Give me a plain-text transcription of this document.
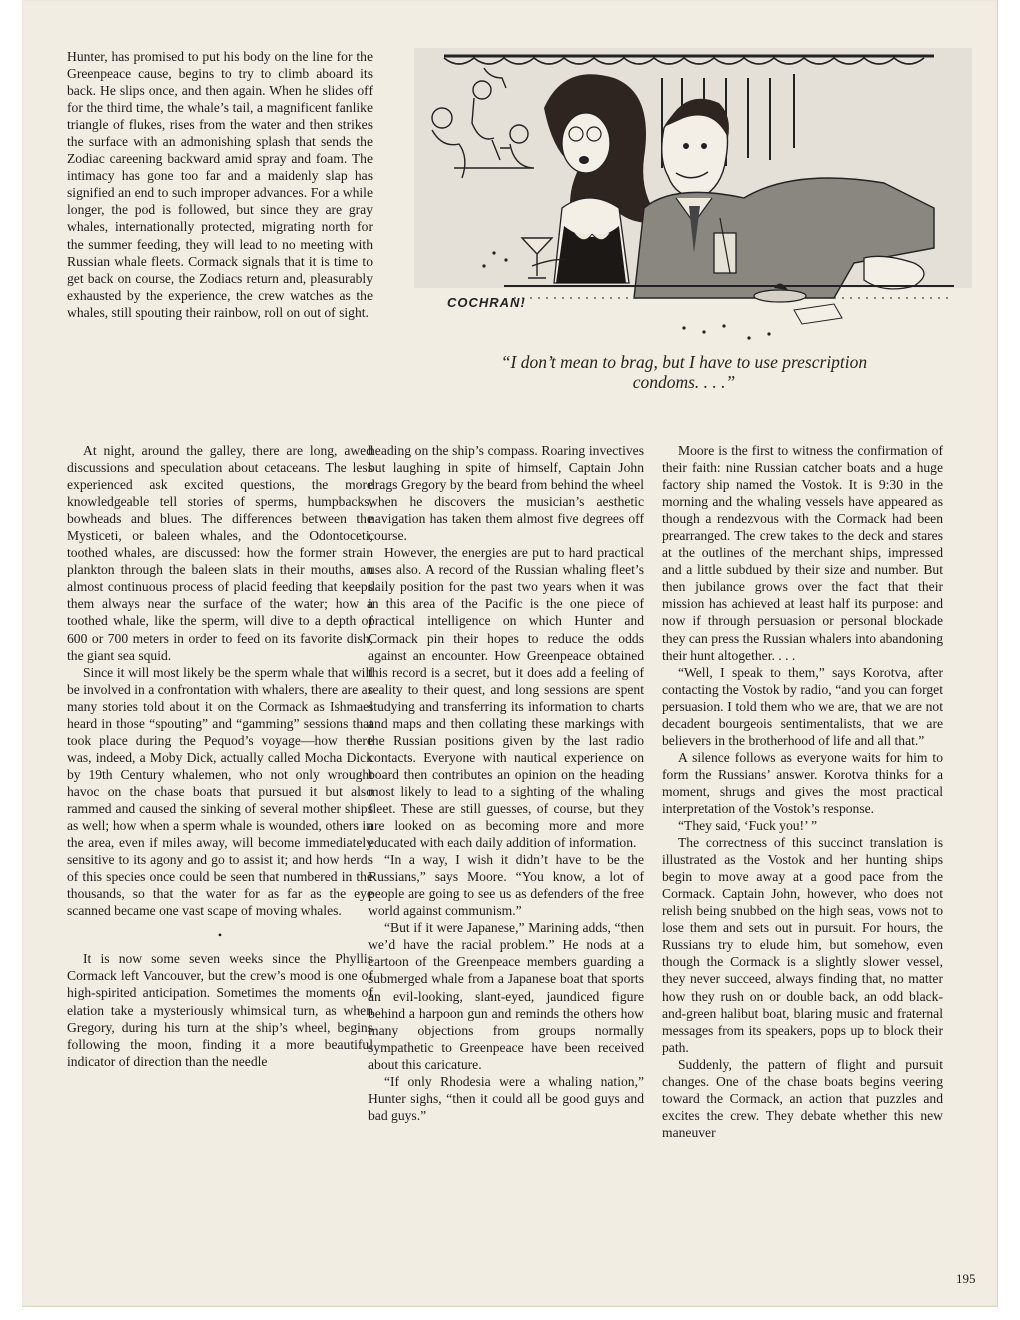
Hunter, has promised to put his body on the line for the Greenpeace cause, begins to try to climb aboard its back. He slips once, and then again. When he slides off for the third time, the whale’s tail, a magnificent fanlike triangle of flukes, rises from the water and then strikes the surface with an admonishing splash that sends the Zodiac careening backward amid spray and foam. The intimacy has gone too far and a maidenly slap has signified an end to such improper advances. For a while longer, the pod is followed, but since they are gray whales, internationally protected, migrating north for the summer feeding, they will lead to no meeting with Russian whale fleets. Cormack signals that it is time to get back on course, the Zodiacs return and, pleasurably exhausted by the experience, the crew watches as the whales, still spouting their rainbow, roll on out of sight.

COCHRAN!
“I don’t mean to brag, but I have to use prescription condoms. . . .”

At night, around the galley, there are long, awed discussions and speculation about cetaceans. The less experienced ask excited questions, the more knowledgeable tell stories of sperms, humpbacks, bowheads and blues. The differences between the Mysticeti, or baleen whales, and the Odontoceti, toothed whales, are discussed: how the former strain plankton through the baleen slats in their mouths, an almost continuous process of placid feeding that keeps them always near the surface of the water; how a toothed whale, like the sperm, will dive to a depth of 600 or 700 meters in order to feed on its favorite dish, the giant sea squid.

Since it will most likely be the sperm whale that will be involved in a confrontation with whalers, there are as many stories told about it on the Cormack as Ishmael heard in those “spouting” and “gamming” sessions that took place during the Pequod’s voyage—how there was, indeed, a Moby Dick, actually called Mocha Dick by 19th Century whalemen, who not only wrought havoc on the chase boats that pursued it but also rammed and caused the sinking of several mother ships as well; how when a sperm whale is wounded, others in the area, even if miles away, will become immediately sensitive to its agony and go to assist it; and how herds of this species once could be seen that numbered in the thousands, so that the water for as far as the eye scanned became one vast scape of moving whales.

•

It is now some seven weeks since the Phyllis Cormack left Vancouver, but the crew’s mood is one of high-spirited anticipation. Sometimes the moments of elation take a mysteriously whimsical turn, as when Gregory, during his turn at the ship’s wheel, begins following the moon, finding it a more beautiful indicator of direction than the needle

heading on the ship’s compass. Roaring invectives but laughing in spite of himself, Captain John drags Gregory by the beard from behind the wheel when he discovers the musician’s aesthetic navigation has taken them almost five degrees off course.

However, the energies are put to hard practical uses also. A record of the Russian whaling fleet’s daily position for the past two years when it was in this area of the Pacific is the one piece of practical intelligence on which Hunter and Cormack pin their hopes to reduce the odds against an encounter. How Greenpeace obtained this record is a secret, but it does add a feeling of reality to their quest, and long sessions are spent studying and transferring its information to charts and maps and then collating these markings with the Russian positions given by the last radio contacts. Everyone with nautical experience on board then contributes an opinion on the heading most likely to lead to a sighting of the whaling fleet. These are still guesses, of course, but they are looked on as becoming more and more educated with each daily addition of information.

“In a way, I wish it didn’t have to be the Russians,” says Moore. “You know, a lot of people are going to see us as defenders of the free world against communism.”

“But if it were Japanese,” Marining adds, “then we’d have the racial problem.” He nods at a cartoon of the Greenpeace members guarding a submerged whale from a Japanese boat that sports an evil-looking, slant-eyed, jaundiced figure behind a harpoon gun and reminds the others how many objections from groups normally sympathetic to Greenpeace have been received about this caricature.

“If only Rhodesia were a whaling nation,” Hunter sighs, “then it could all be good guys and bad guys.”

Moore is the first to witness the confirmation of their faith: nine Russian catcher boats and a huge factory ship named the Vostok. It is 9:30 in the morning and the whaling vessels have appeared as though a rendezvous with the Cormack had been prearranged. The crew takes to the deck and stares at the outlines of the merchant ships, impressed and a little subdued by their size and number. But then jubilance grows over the fact that their mission has achieved at least half its purpose: and now if through persuasion or personal blockade they can press the Russian whalers into abandoning their hunt altogether. . . .

“Well, I speak to them,” says Korotva, after contacting the Vostok by radio, “and you can forget persuasion. I told them who we are, that we are not decadent bourgeois sentimentalists, that we are believers in the brotherhood of life and all that.”

A silence follows as everyone waits for him to form the Russians’ answer. Korotva thinks for a moment, shrugs and gives the most practical interpretation of the Vostok’s response.

“They said, ‘Fuck you!’ ”

The correctness of this succinct translation is illustrated as the Vostok and her hunting ships begin to move away at a good pace from the Cormack. Captain John, however, who does not relish being snubbed on the high seas, vows not to lose them and sets out in pursuit. For hours, the Russians try to elude him, but somehow, even though the Cormack is a slightly slower vessel, they never succeed, always finding that, no matter how they rush on or double back, an odd black-and-green halibut boat, blaring music and fraternal messages from its speakers, pops up to block their path.

Suddenly, the pattern of flight and pursuit changes. One of the chase boats begins veering toward the Cormack, an action that puzzles and excites the crew. They debate whether this new maneuver

195
